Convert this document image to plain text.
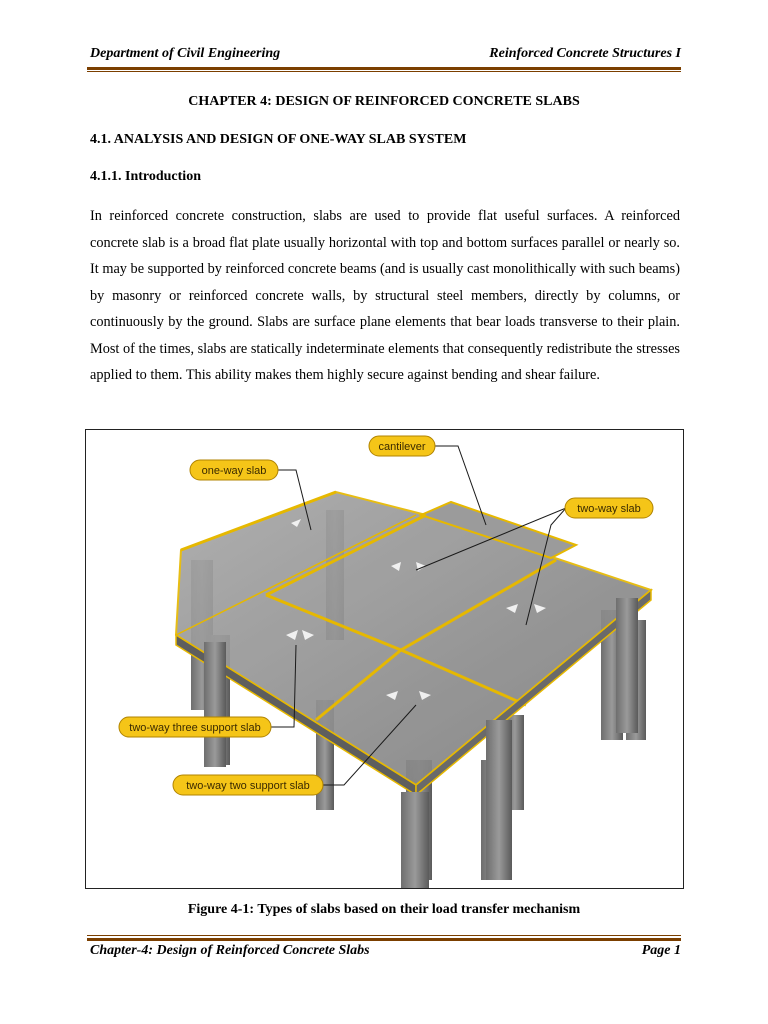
Department of Civil Engineering	Reinforced Concrete Structures I
CHAPTER 4: DESIGN OF REINFORCED CONCRETE SLABS
4.1. ANALYSIS AND DESIGN OF ONE-WAY SLAB SYSTEM
4.1.1. Introduction
In reinforced concrete construction, slabs are used to provide flat useful surfaces. A reinforced concrete slab is a broad flat plate usually horizontal with top and bottom surfaces parallel or nearly so. It may be supported by reinforced concrete beams (and is usually cast monolithically with such beams) by masonry or reinforced concrete walls, by structural steel members, directly by columns, or continuously by the ground. Slabs are surface plane elements that bear loads transverse to their plain. Most of the times, slabs are statically indeterminate elements that consequently redistribute the stresses applied to them. This ability makes them highly secure against bending and shear failure.
cantilever
one-way slab
two-way slab
two-way three support slab
two-way two support slab
Figure 4-1: Types of slabs based on their load transfer mechanism
Chapter-4: Design of Reinforced Concrete Slabs	Page 1
